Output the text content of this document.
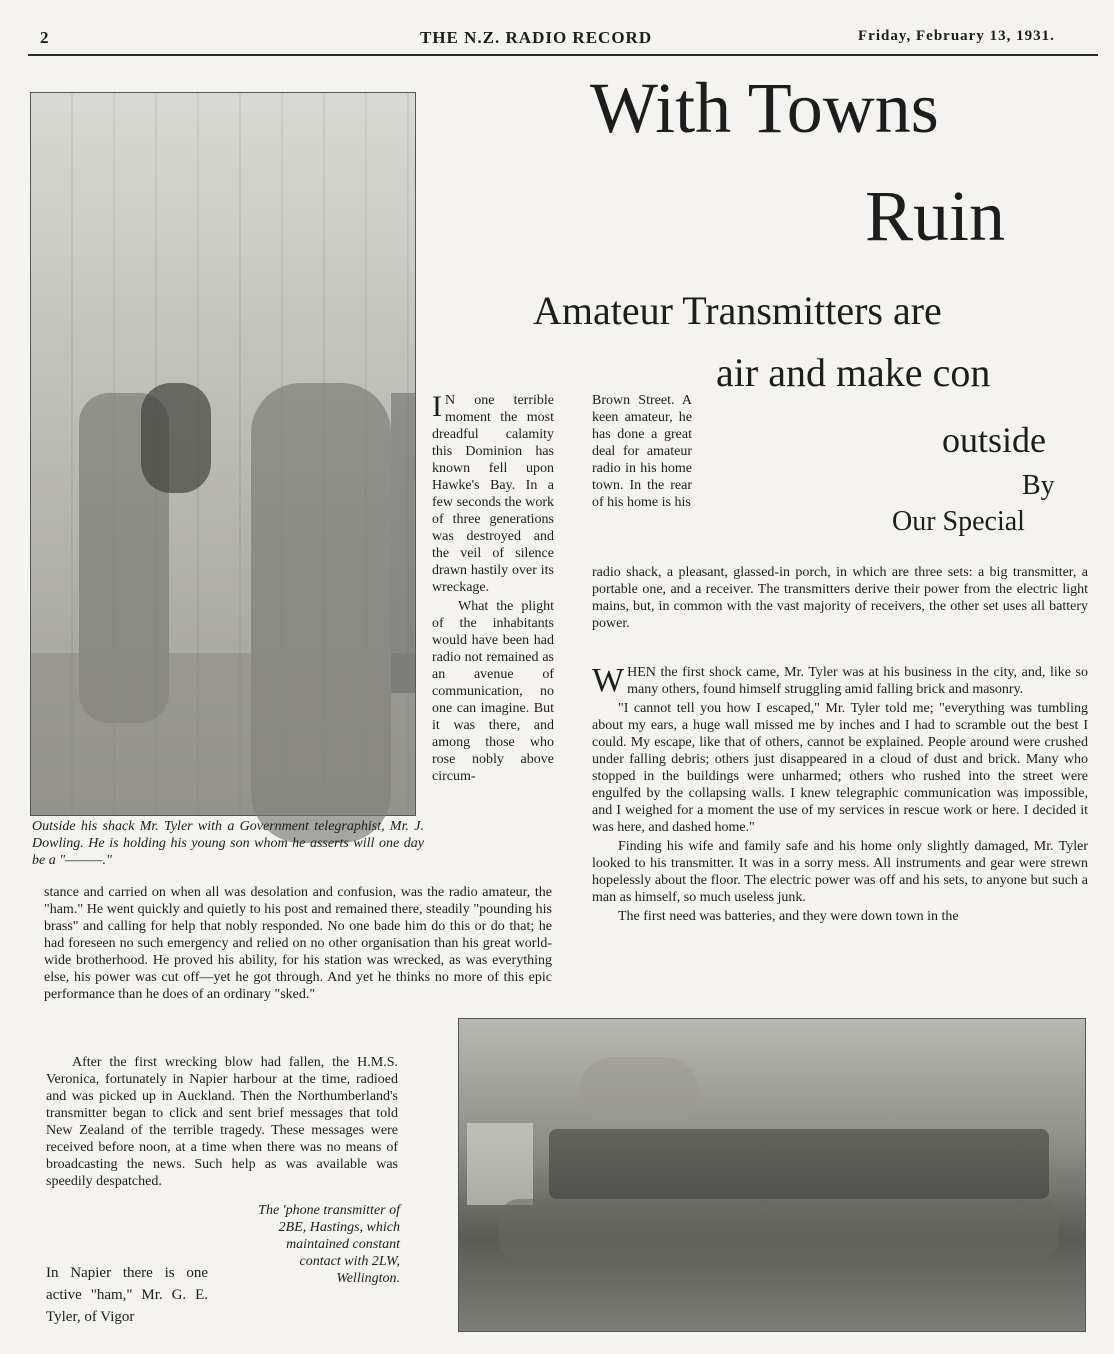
2	THE N.Z. RADIO RECORD	Friday, February 13, 1931.
Outside his shack Mr. Tyler with a Government telegraphist, Mr. J. Dowling. He is holding his young son whom he asserts will one day be a "———."
With Towns
Ruin
Amateur Transmitters are
air and make con
outside
By
Our Special

I N one terrible moment the most dreadful calamity this Dominion has known fell upon Hawke's Bay. In a few seconds the work of three generations was destroyed and the veil of silence drawn hastily over its wreckage.

What the plight of the inhabitants would have been had radio not remained as an avenue of communication, no one can imagine. But it was there, and among those who rose nobly above circum-

Brown Street. A keen amateur, he has done a great deal for amateur radio in his home town. In the rear of his home is his
radio shack, a pleasant, glassed-in porch, in which are three sets: a big transmitter, a portable one, and a receiver. The transmitters derive their power from the electric light mains, but, in common with the vast majority of receivers, the other set uses all battery power.
stance and carried on when all was desolation and confusion, was the radio amateur, the "ham." He went quickly and quietly to his post and remained there, steadily "pounding his brass" and calling for help that nobly responded. No one bade him do this or do that; he had foreseen no such emergency and relied on no other organisation than his great world-wide brotherhood. He proved his ability, for his station was wrecked, as was everything else, his power was cut off—yet he got through. And yet he thinks no more of this epic performance than he does of an ordinary "sked."
After the first wrecking blow had fallen, the H.M.S. Veronica, fortunately in Napier harbour at the time, radioed and was picked up in Auckland. Then the Northumberland's transmitter began to click and sent brief messages that told New Zealand of the terrible tragedy. These messages were received before noon, at a time when there was no means of broadcasting the news. Such help as was available was speedily despatched.
In Napier there is one active "ham," Mr. G. E. Tyler, of Vigor
The 'phone transmitter of 2BE, Hastings, which maintained constant contact with 2LW, Wellington.

WHEN the first shock came, Mr. Tyler was at his business in the city, and, like so many others, found himself struggling amid falling brick and masonry.

"I cannot tell you how I escaped," Mr. Tyler told me; "everything was tumbling about my ears, a huge wall missed me by inches and I had to scramble out the best I could. My escape, like that of others, cannot be explained. People around were crushed under falling debris; others just disappeared in a cloud of dust and brick. Many who stopped in the buildings were unharmed; others who rushed into the street were engulfed by the collapsing walls. I knew telegraphic communication was impossible, and I weighed for a moment the use of my services in rescue work or here. I decided it was here, and dashed home."

Finding his wife and family safe and his home only slightly damaged, Mr. Tyler looked to his transmitter. It was in a sorry mess. All instruments and gear were strewn hopelessly about the floor. The electric power was off and his sets, to anyone but such a man as himself, so much useless junk.

The first need was batteries, and they were down town in the
